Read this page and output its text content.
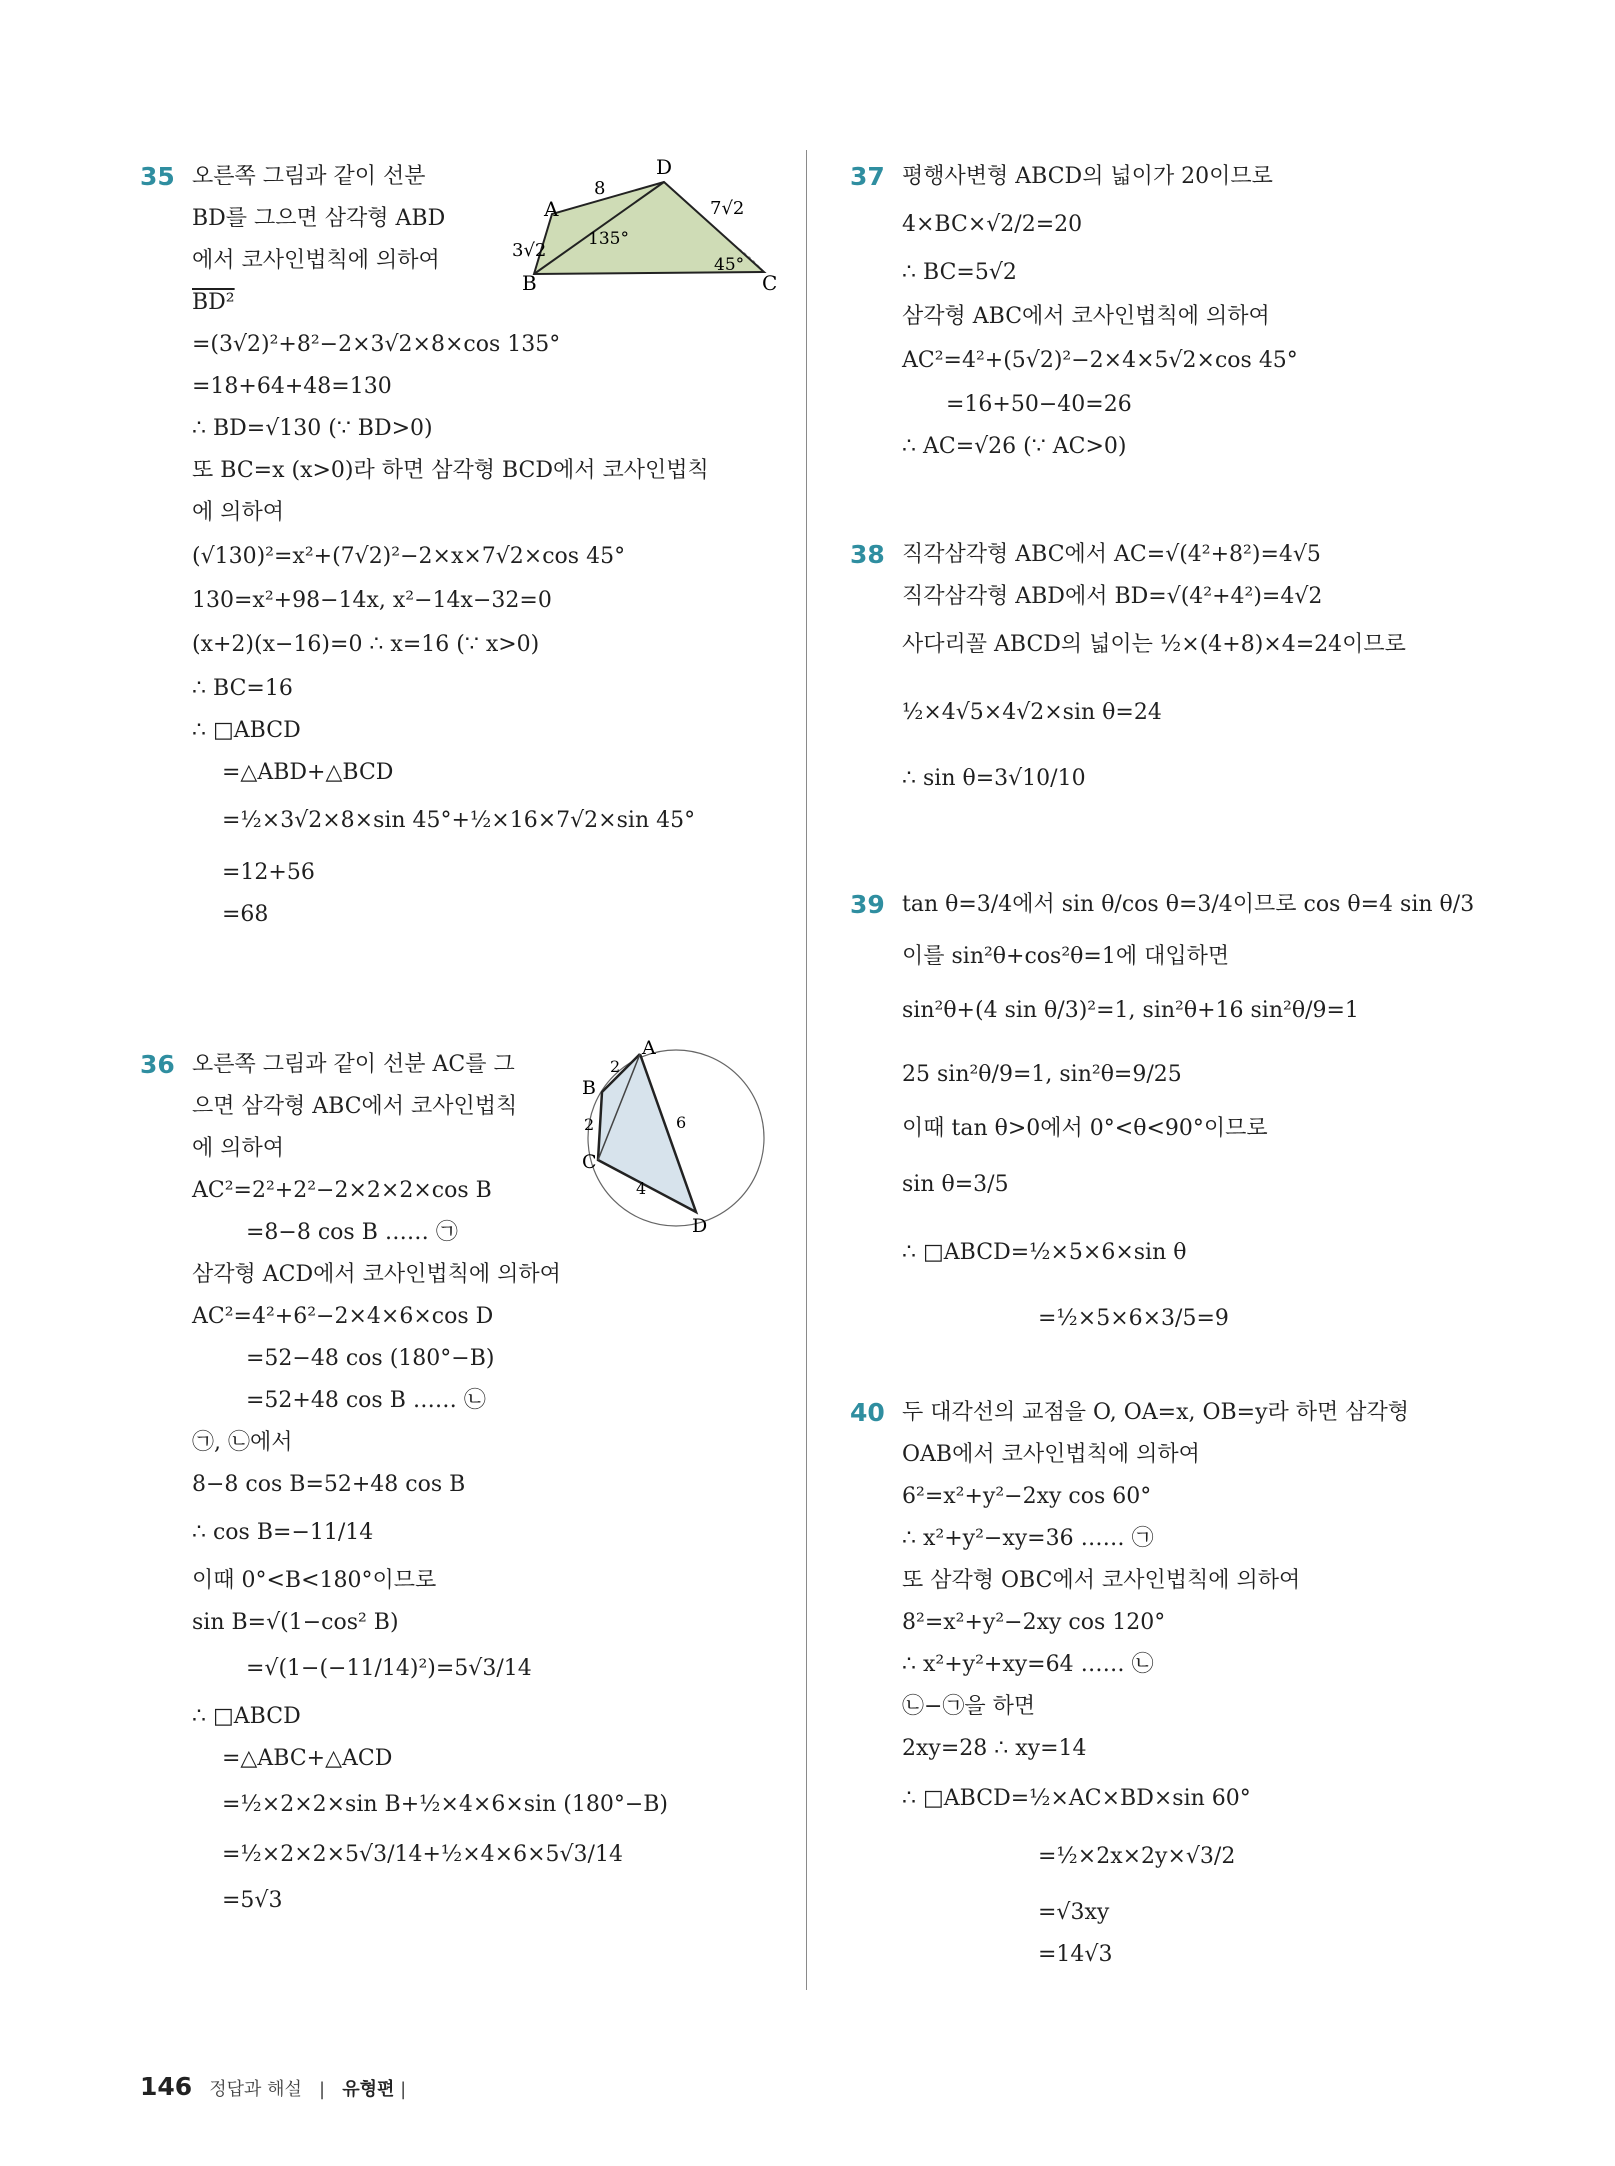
35 오른쪽 그림과 같이 선분
BD를 그으면 삼각형 ABD
에서 코사인법칙에 의하여
BD²
=(3√2)²+8²−2×3√2×8×cos 135°
=18+64+48=130
∴ BD=√130 (∵ BD>0)
또 BC=x (x>0)라 하면 삼각형 BCD에서 코사인법칙
에 의하여
(√130)²=x²+(7√2)²−2×x×7√2×cos 45°
130=x²+98−14x, x²−14x−32=0
(x+2)(x−16)=0 ∴ x=16 (∵ x>0)
∴ BC=16
∴ □ABCD
=△ABD+△BCD
=½×3√2×8×sin 45°+½×16×7√2×sin 45°
=12+56
=68
A
B	C
D
8
3√2
7√2
135°
45°
36 오른쪽 그림과 같이 선분 AC를 그
으면 삼각형 ABC에서 코사인법칙
에 의하여
AC²=2²+2²−2×2×2×cos B
=8−8 cos B …… ㉠
삼각형 ACD에서 코사인법칙에 의하여
AC²=4²+6²−2×4×6×cos D
=52−48 cos (180°−B)
=52+48 cos B …… ㉡
㉠, ㉡에서
8−8 cos B=52+48 cos B
∴ cos B=−11/14
이때 0°<B<180°이므로
sin B=√(1−cos² B)
=√(1−(−11/14)²)=5√3/14
∴ □ABCD
=△ABC+△ACD
=½×2×2×sin B+½×4×6×sin (180°−B)
=½×2×2×5√3/14+½×4×6×5√3/14
=5√3
A
B
C
D
2
2
4
6
37 평행사변형 ABCD의 넓이가 20이므로
4×BC×√2/2=20
∴ BC=5√2
삼각형 ABC에서 코사인법칙에 의하여
AC²=4²+(5√2)²−2×4×5√2×cos 45°
=16+50−40=26
∴ AC=√26 (∵ AC>0)
38 직각삼각형 ABC에서 AC=√(4²+8²)=4√5
직각삼각형 ABD에서 BD=√(4²+4²)=4√2
사다리꼴 ABCD의 넓이는 ½×(4+8)×4=24이므로
½×4√5×4√2×sin θ=24
∴ sin θ=3√10/10
39 tan θ=3/4에서 sin θ/cos θ=3/4이므로 cos θ=4 sin θ/3
이를 sin²θ+cos²θ=1에 대입하면
sin²θ+(4 sin θ/3)²=1, sin²θ+16 sin²θ/9=1
25 sin²θ/9=1, sin²θ=9/25
이때 tan θ>0에서 0°<θ<90°이므로
sin θ=3/5
∴ □ABCD=½×5×6×sin θ
=½×5×6×3/5=9
40 두 대각선의 교점을 O, OA=x, OB=y라 하면 삼각형
OAB에서 코사인법칙에 의하여
6²=x²+y²−2xy cos 60°
∴ x²+y²−xy=36 …… ㉠
또 삼각형 OBC에서 코사인법칙에 의하여
8²=x²+y²−2xy cos 120°
∴ x²+y²+xy=64 …… ㉡
㉡−㉠을 하면
2xy=28 ∴ xy=14
∴ □ABCD=½×AC×BD×sin 60°
=½×2x×2y×√3/2
=√3xy
=14√3
146 정답과 해설 | 유형편 |
